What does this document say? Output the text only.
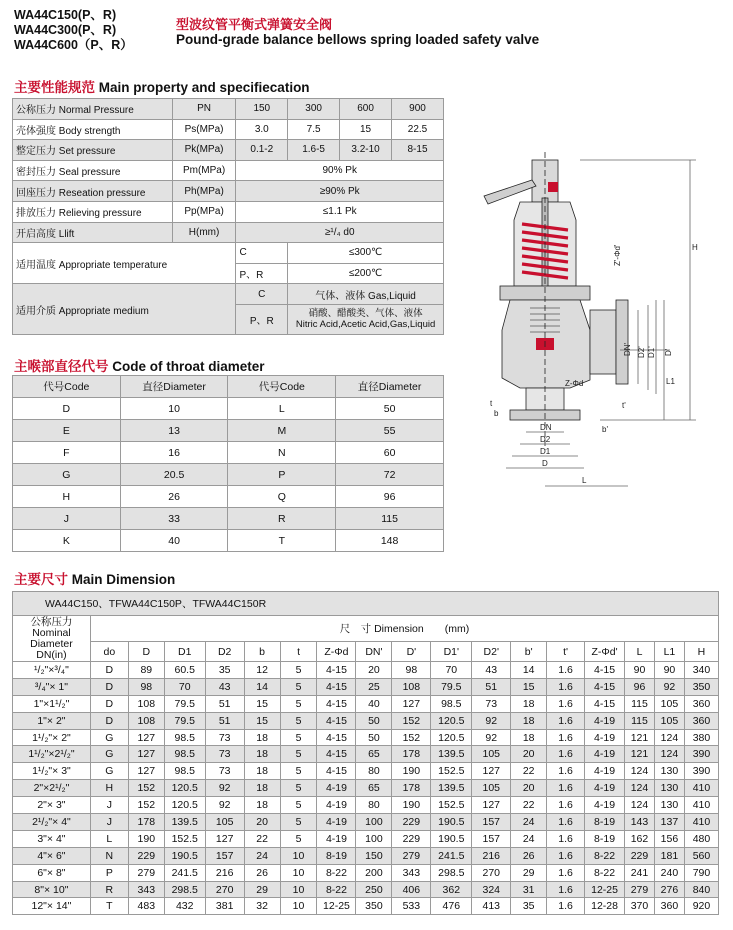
WA44C150(P、R)
WA44C300(P、R)
WA44C600（P、R）
型波纹管平衡式弹簧安全阀
Pound-grade balance bellows spring loaded safety valve
主要性能规范 Main property and specifiecation
公称压力 Normal Pressure	PN	150	300	600	900
壳体强度 Body strength	Ps(MPa)	3.0	7.5	15	22.5
整定压力 Set pressure	Pk(MPa)	0.1-2	1.6-5	3.2-10	8-15
密封压力 Seal pressure	Pm(MPa)	90% Pk			
回座压力 Reseation pressure	Ph(MPa)	≥90% Pk			
排放压力 Relieving pressure	Pp(MPa)	≤1.1 Pk			
开启高度 Llift	H(mm)	≥¹/₄ d0			
适用温度 Appropriate temperature		C	≤300℃		
		P、R	≤200℃		
适用介质 Appropriate medium		C	气体、液体 Gas,Liquid		
		P、R	硝酸、醋酸类、气体、液体
Nitric Acid,Acetic Acid,Gas,Liquid		
主喉部直径代号 Code of throat diameter
代号Code	直径Diameter	代号Code	直径Diameter
D	10	L	50
E	13	M	55
F	16	N	60
G	20.5	P	72
H	26	Q	96
J	33	R	115
K	40	T	148
H
L1
L
Z'-Φd'
Z-Φd
DN' D2' D1' D'
DN
D2
D1
D
b
b'
t	t'
主要尺寸 Main Dimension
WA44C150、TFWA44C150P、TFWA44C150R																	

公称压力
Nominal
Diameter
DN(in)	尺　寸 Dimension　　(mm)																
	do	D	D1	D2	b	t	Z-Φd	DN'	D'	D1'	D2'	b'	t'	Z-Φd'	L	L1	H
¹/₂"×³/₄"	D	89	60.5	35	12	5	4-15	20	98	70	43	14	1.6	4-15	90	90	340
³/₄"× 1"	D	98	70	43	14	5	4-15	25	108	79.5	51	15	1.6	4-15	96	92	350
1"×1¹/₂"	D	108	79.5	51	15	5	4-15	40	127	98.5	73	18	1.6	4-15	115	105	360
1"× 2"	D	108	79.5	51	15	5	4-15	50	152	120.5	92	18	1.6	4-19	115	105	360
1¹/₂"× 2"	G	127	98.5	73	18	5	4-15	50	152	120.5	92	18	1.6	4-19	121	124	380
1¹/₂"×2¹/₂"	G	127	98.5	73	18	5	4-15	65	178	139.5	105	20	1.6	4-19	121	124	390
1¹/₂"× 3"	G	127	98.5	73	18	5	4-15	80	190	152.5	127	22	1.6	4-19	124	130	390
2"×2¹/₂"	H	152	120.5	92	18	5	4-19	65	178	139.5	105	20	1.6	4-19	124	130	410
2"× 3"	J	152	120.5	92	18	5	4-19	80	190	152.5	127	22	1.6	4-19	124	130	410
2¹/₂"× 4"	J	178	139.5	105	20	5	4-19	100	229	190.5	157	24	1.6	8-19	143	137	410
3"× 4"	L	190	152.5	127	22	5	4-19	100	229	190.5	157	24	1.6	8-19	162	156	480
4"× 6"	N	229	190.5	157	24	10	8-19	150	279	241.5	216	26	1.6	8-22	229	181	560
6"× 8"	P	279	241.5	216	26	10	8-22	200	343	298.5	270	29	1.6	8-22	241	240	790
8"× 10"	R	343	298.5	270	29	10	8-22	250	406	362	324	31	1.6	12-25	279	276	840
12"× 14"	T	483	432	381	32	10	12-25	350	533	476	413	35	1.6	12-28	370	360	920
